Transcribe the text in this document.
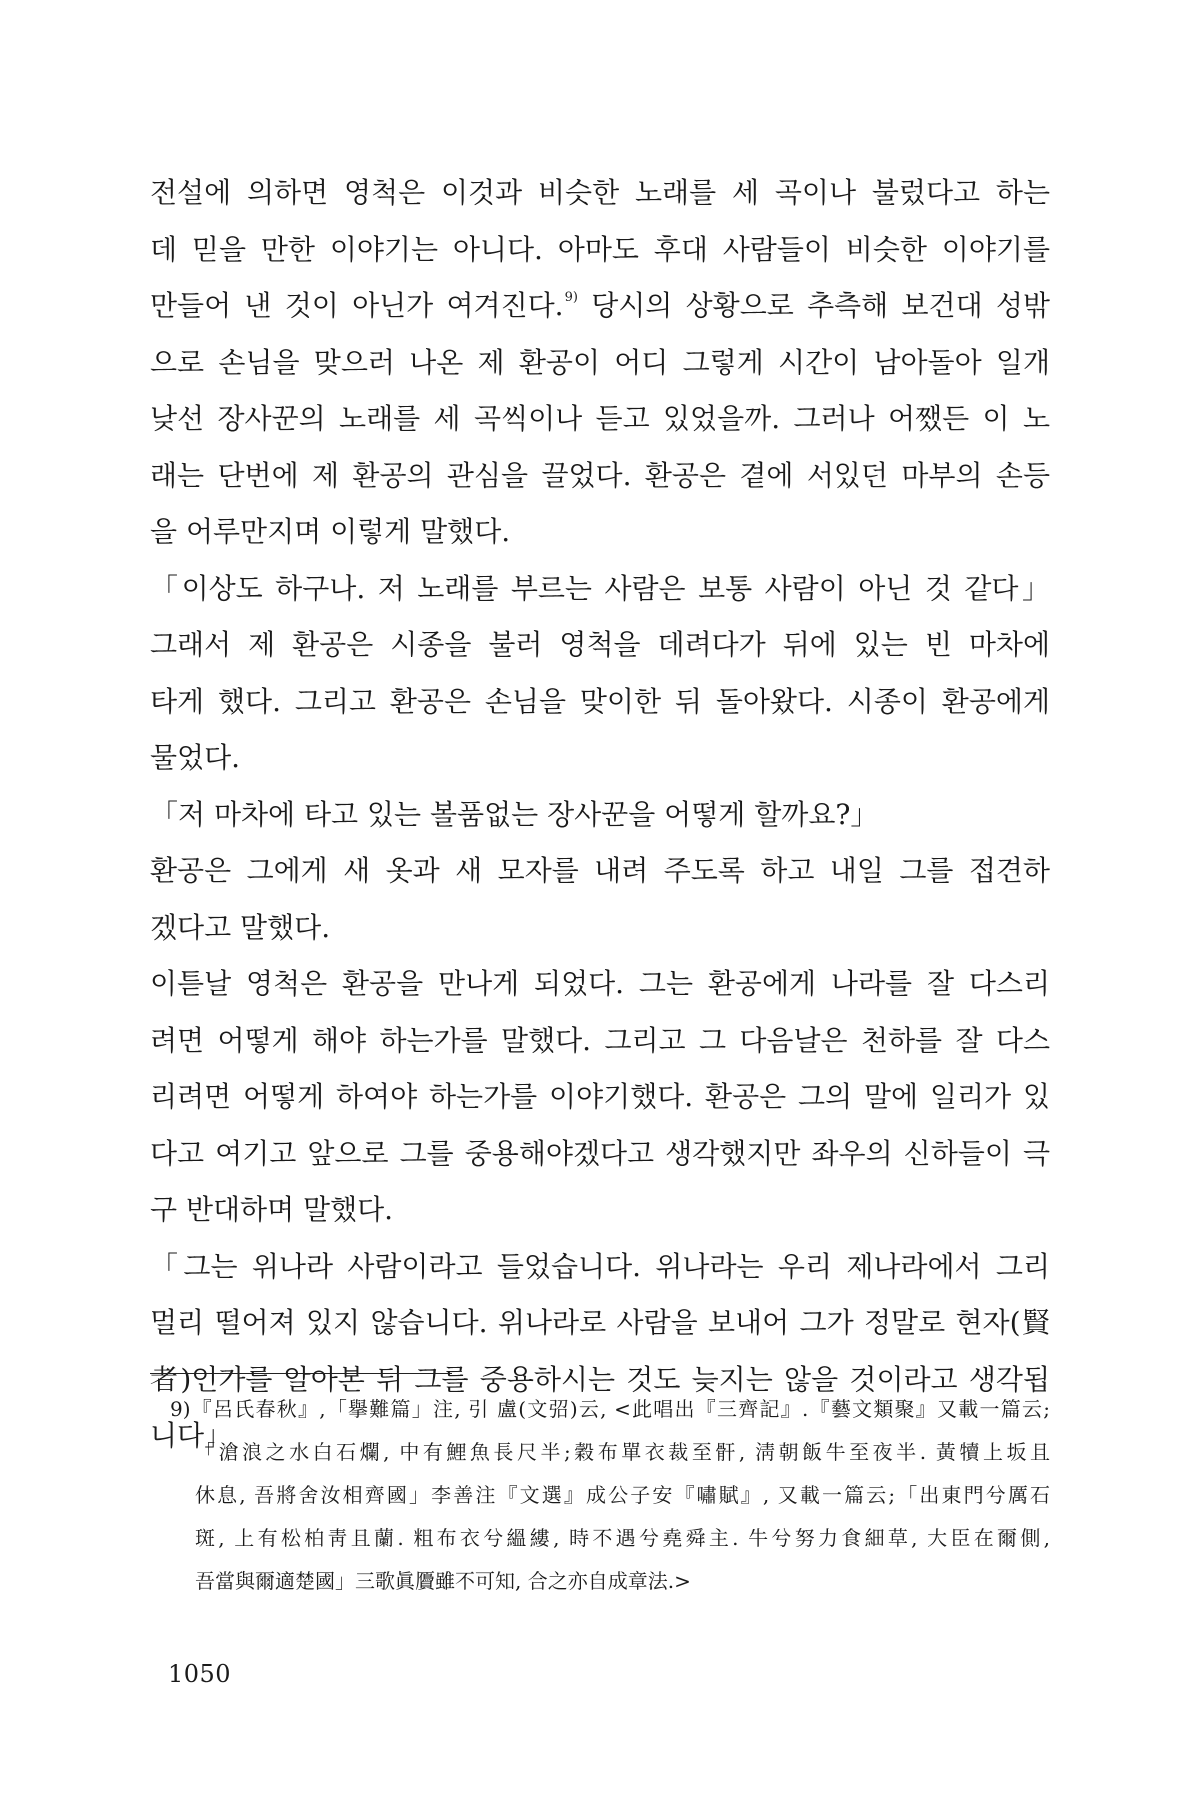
전설에 의하면 영척은 이것과 비슷한 노래를 세 곡이나 불렀다고 하는
데 믿을 만한 이야기는 아니다. 아마도 후대 사람들이 비슷한 이야기를
만들어 낸 것이 아닌가 여겨진다.$^{9)}$ 당시의 상황으로 추측해 보건대 성밖
으로 손님을 맞으러 나온 제 환공이 어디 그렇게 시간이 남아돌아 일개
낮선 장사꾼의 노래를 세 곡씩이나 듣고 있었을까. 그러나 어쨌든 이 노
래는 단번에 제 환공의 관심을 끌었다. 환공은 곁에 서있던 마부의 손등
을 어루만지며 이렇게 말했다.
「이상도 하구나. 저 노래를 부르는 사람은 보통 사람이 아닌 것 같다」
그래서 제 환공은 시종을 불러 영척을 데려다가 뒤에 있는 빈 마차에
타게 했다. 그리고 환공은 손님을 맞이한 뒤 돌아왔다. 시종이 환공에게
물었다.
「저 마차에 타고 있는 볼품없는 장사꾼을 어떻게 할까요?」
환공은 그에게 새 옷과 새 모자를 내려 주도록 하고 내일 그를 접견하
겠다고 말했다.
이튿날 영척은 환공을 만나게 되었다. 그는 환공에게 나라를 잘 다스리
려면 어떻게 해야 하는가를 말했다. 그리고 그 다음날은 천하를 잘 다스
리려면 어떻게 하여야 하는가를 이야기했다. 환공은 그의 말에 일리가 있
다고 여기고 앞으로 그를 중용해야겠다고 생각했지만 좌우의 신하들이 극
구 반대하며 말했다.
「그는 위나라 사람이라고 들었습니다. 위나라는 우리 제나라에서 그리
멀리 떨어져 있지 않습니다. 위나라로 사람을 보내어 그가 정말로 현자(賢
者)인가를 알아본 뒤 그를 중용하시는 것도 늦지는 않을 것이라고 생각됩
니다」
9)『呂氏春秋』,「擧難篇」注, 引 盧(文弨)云, <此唱出『三齊記』.『藝文類聚』又載一篇云;
「滄浪之水白石爛, 中有鯉魚長尺半;穀布單衣裁至骭, 淸朝飯牛至夜半. 黃犢上坂且
休息, 吾將舍汝相齊國」李善注『文選』成公子安『嘯賦』, 又載一篇云;「出東門兮厲石
斑, 上有松柏靑且蘭. 粗布衣兮縕縷, 時不遇兮堯舜主. 牛兮努力食細草, 大臣在爾側,
吾當與爾適楚國」三歌眞贗雖不可知, 合之亦自成章法.>
1050
